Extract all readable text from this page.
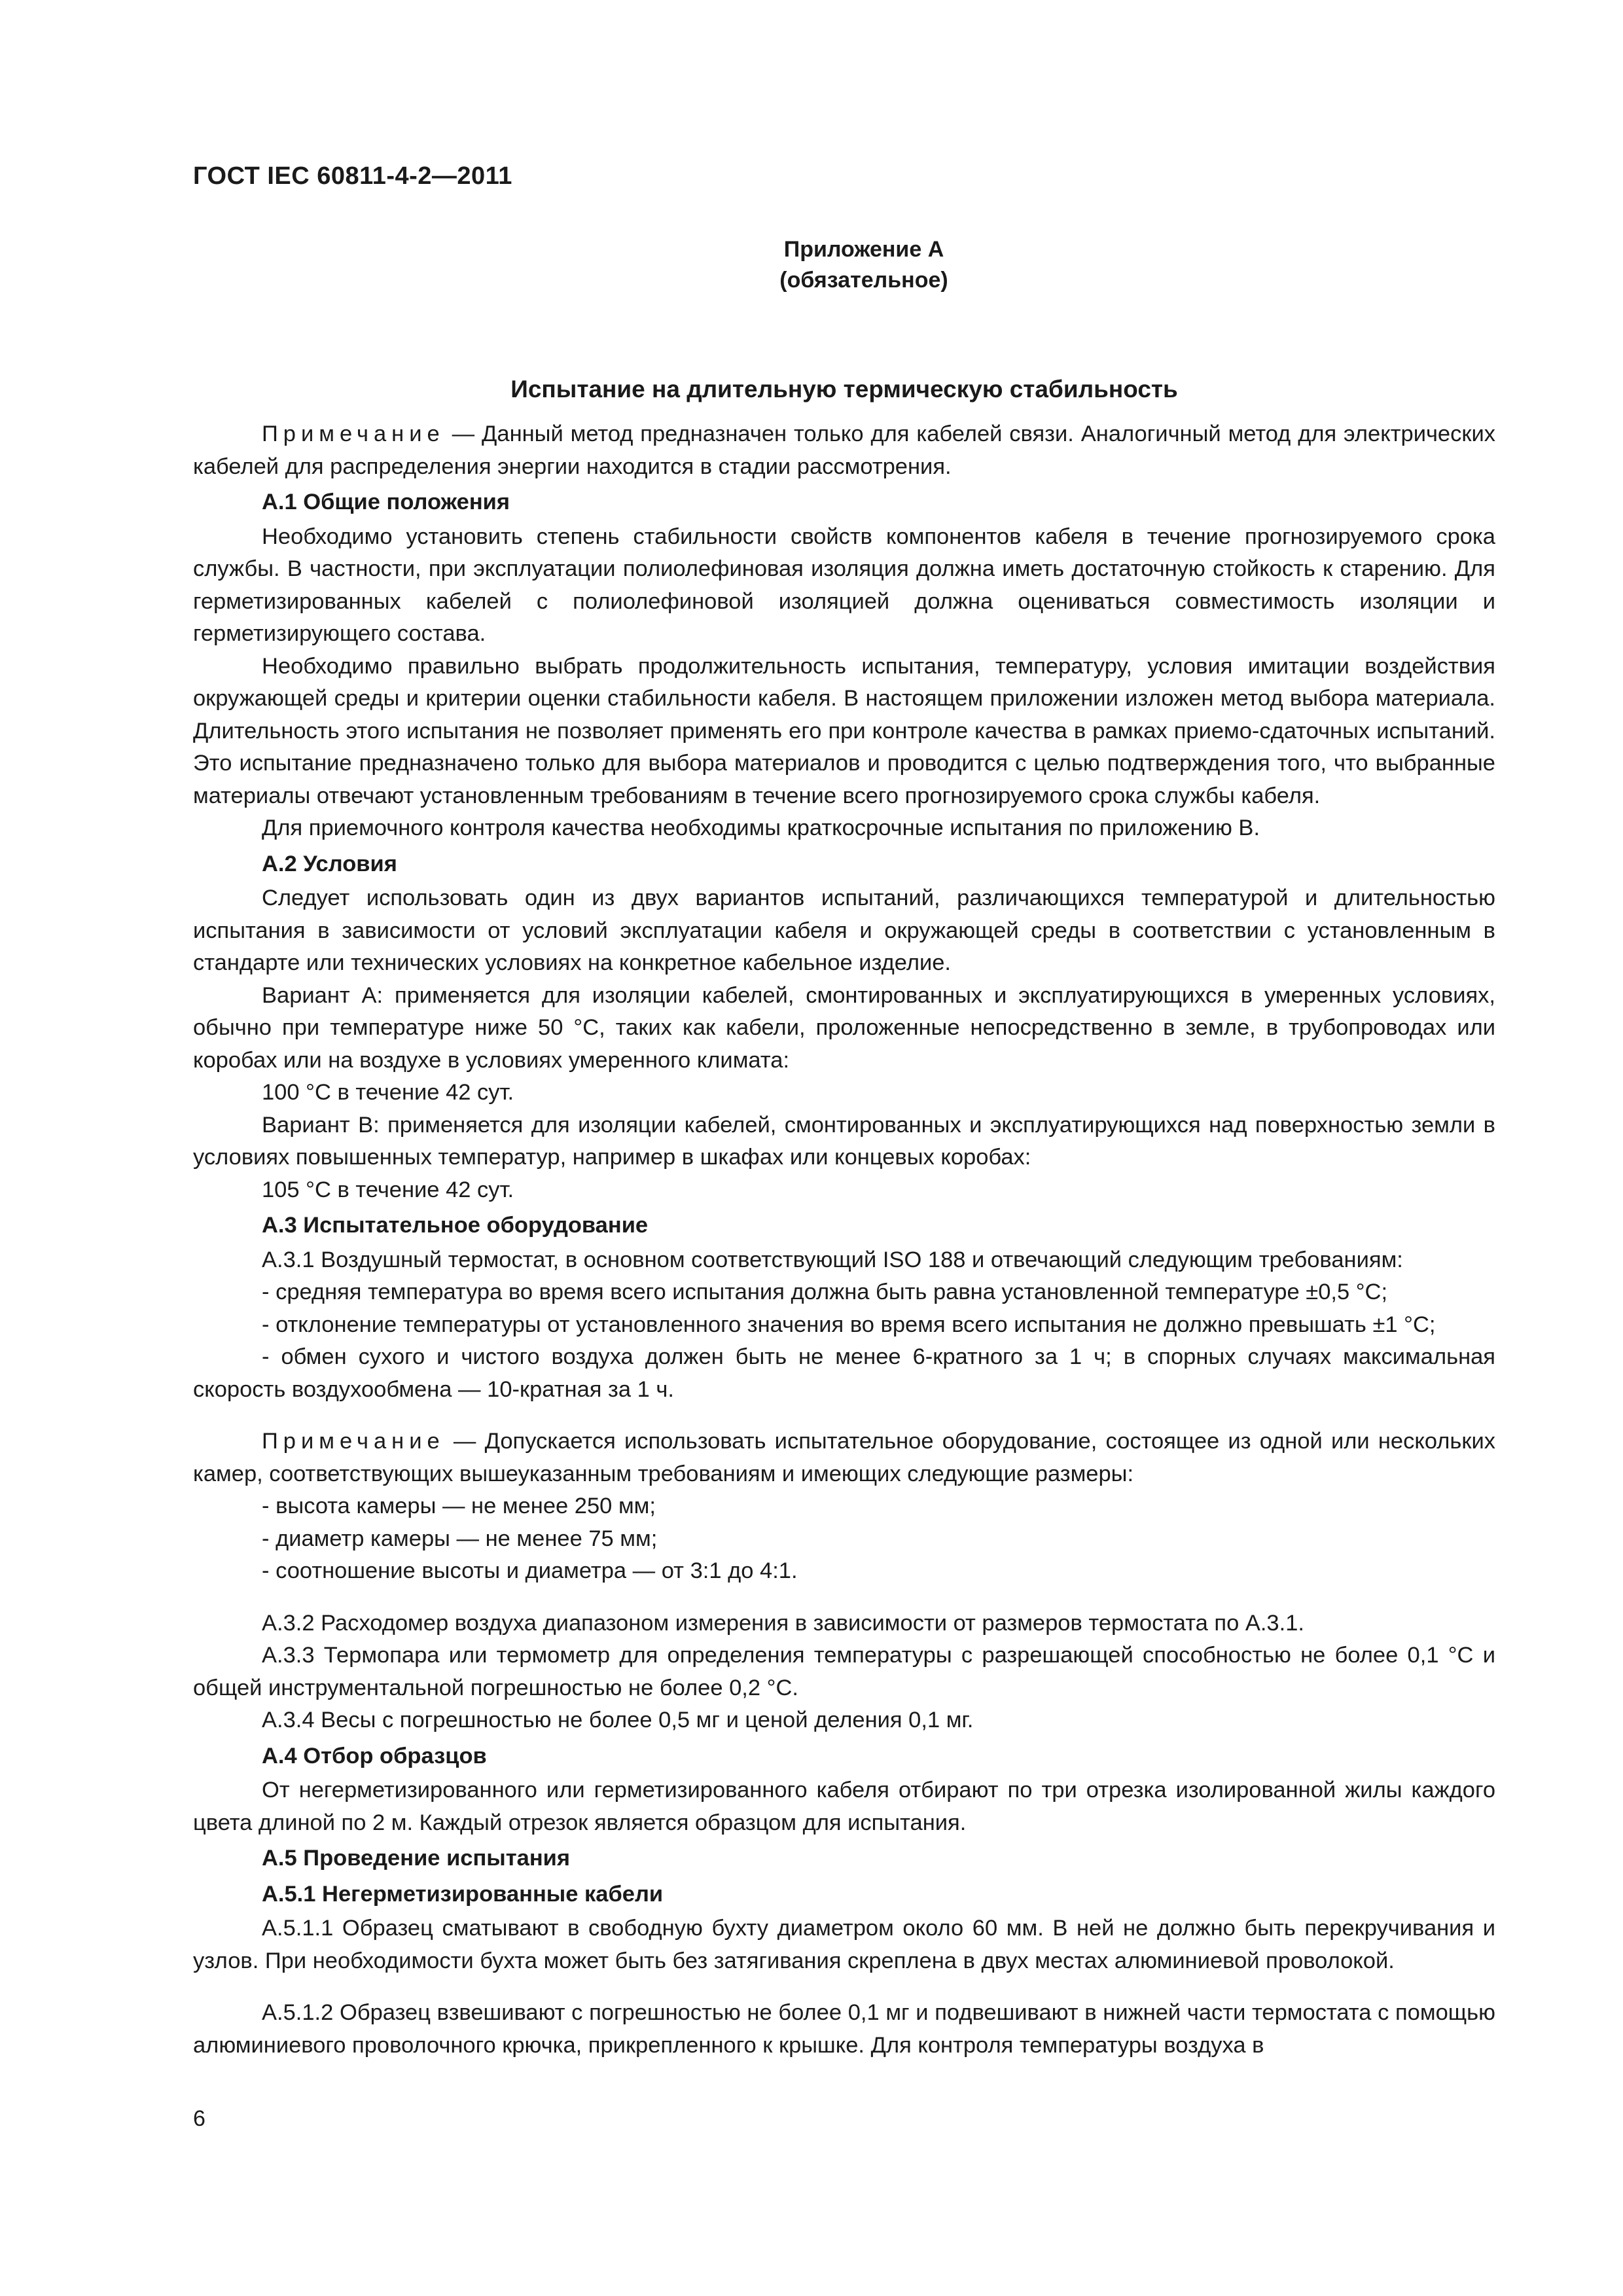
ГОСТ IEC 60811-4-2—2011
Приложение А
(обязательное)
Испытание на длительную термическую стабильность

Примечание — Данный метод предназначен только для кабелей связи. Аналогичный метод для электрических кабелей для распределения энергии находится в стадии рассмотрения.

А.1 Общие положения

Необходимо установить степень стабильности свойств компонентов кабеля в течение прогнозируемого срока службы. В частности, при эксплуатации полиолефиновая изоляция должна иметь достаточную стойкость к старению. Для герметизированных кабелей с полиолефиновой изоляцией должна оцениваться совместимость изоляции и герметизирующего состава.

Необходимо правильно выбрать продолжительность испытания, температуру, условия имитации воздействия окружающей среды и критерии оценки стабильности кабеля. В настоящем приложении изложен метод выбора материала. Длительность этого испытания не позволяет применять его при контроле качества в рамках приемо-сдаточных испытаний. Это испытание предназначено только для выбора материалов и проводится с целью подтверждения того, что выбранные материалы отвечают установленным требованиям в течение всего прогнозируемого срока службы кабеля.

Для приемочного контроля качества необходимы краткосрочные испытания по приложению В.

А.2 Условия

Следует использовать один из двух вариантов испытаний, различающихся температурой и длительностью испытания в зависимости от условий эксплуатации кабеля и окружающей среды в соответствии с установленным в стандарте или технических условиях на конкретное кабельное изделие.

Вариант А: применяется для изоляции кабелей, смонтированных и эксплуатирующихся в умеренных условиях, обычно при температуре ниже 50 °С, таких как кабели, проложенные непосредственно в земле, в трубопроводах или коробах или на воздухе в условиях умеренного климата:

100 °С в течение 42 сут.

Вариант В: применяется для изоляции кабелей, смонтированных и эксплуатирующихся над поверхностью земли в условиях повышенных температур, например в шкафах или концевых коробах:

105 °С в течение 42 сут.

А.3 Испытательное оборудование

А.3.1 Воздушный термостат, в основном соответствующий ISO 188 и отвечающий следующим требованиям:

- средняя температура во время всего испытания должна быть равна установленной температуре ±0,5 °С;

- отклонение температуры от установленного значения во время всего испытания не должно превышать ±1 °С;

- обмен сухого и чистого воздуха должен быть не менее 6-кратного за 1 ч; в спорных случаях максимальная скорость воздухообмена — 10-кратная за 1 ч.

Примечание — Допускается использовать испытательное оборудование, состоящее из одной или нескольких камер, соответствующих вышеуказанным требованиям и имеющих следующие размеры:

- высота камеры — не менее 250 мм;

- диаметр камеры — не менее 75 мм;

- соотношение высоты и диаметра — от 3:1 до 4:1.

А.3.2 Расходомер воздуха диапазоном измерения в зависимости от размеров термостата по А.3.1.

А.3.3 Термопара или термометр для определения температуры с разрешающей способностью не более 0,1 °С и общей инструментальной погрешностью не более 0,2 °С.

А.3.4 Весы с погрешностью не более 0,5 мг и ценой деления 0,1 мг.

А.4 Отбор образцов

От негерметизированного или герметизированного кабеля отбирают по три отрезка изолированной жилы каждого цвета длиной по 2 м. Каждый отрезок является образцом для испытания.

А.5 Проведение испытания

А.5.1 Негерметизированные кабели

А.5.1.1 Образец сматывают в свободную бухту диаметром около 60 мм. В ней не должно быть перекручивания и узлов. При необходимости бухта может быть без затягивания скреплена в двух местах алюминиевой проволокой.

А.5.1.2 Образец взвешивают с погрешностью не более 0,1 мг и подвешивают в нижней части термостата с помощью алюминиевого проволочного крючка, прикрепленного к крышке. Для контроля температуры воздуха в

6
